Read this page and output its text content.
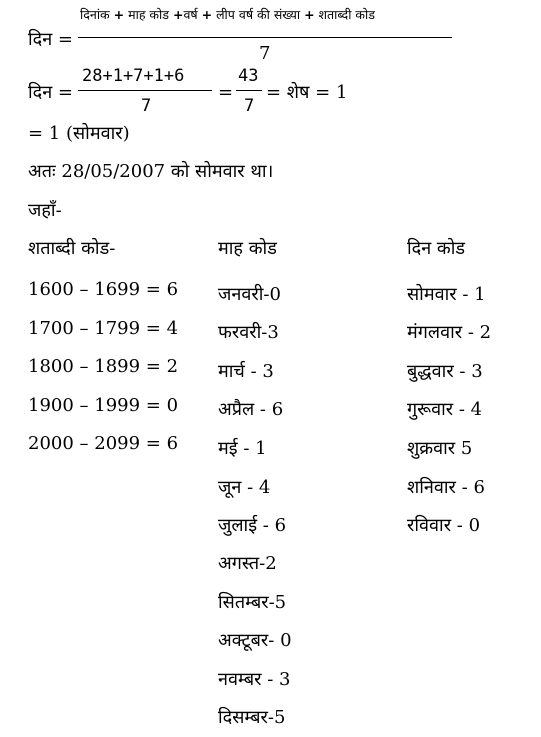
दिन =
दिनांक + माह कोड +वर्ष + लीप वर्ष की संख्या + शताब्दी कोड
7
दिन =
28+1+7+1+6
7
=
43
7
= शेष = 1
= 1 (सोमवार)
अतः 28/05/2007 को सोमवार था।
जहाँ-
शताब्दी कोड-	माह कोड	दिन कोड
1600 – 1699 = 6
1700 – 1799 = 4
1800 – 1899 = 2
1900 – 1999 = 0
2000 – 2099 = 6
जनवरी-0
फरवरी-3
मार्च - 3
अप्रैल - 6
मई - 1
जून - 4
जुलाई - 6
अगस्त-2
सितम्बर-5
अक्टूबर- 0
नवम्बर - 3
दिसम्बर-5
सोमवार - 1
मंगलवार - 2
बुद्धवार - 3
गुरूवार - 4
शुक्रवार 5
शनिवार - 6
रविवार - 0
